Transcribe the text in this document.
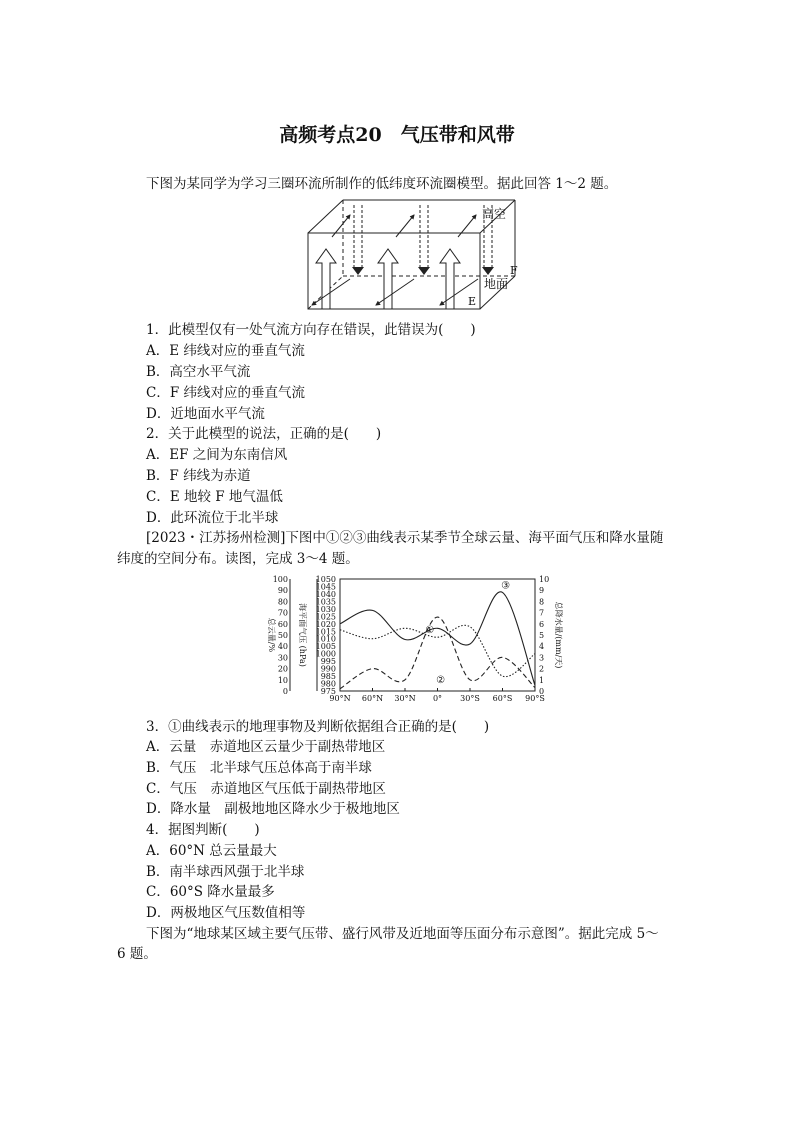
高频考点20　气压带和风带
下图为某同学为学习三圈环流所制作的低纬度环流圈模型。据此回答 1～2 题。
高空
F
地面
E
1．此模型仅有一处气流方向存在错误，此错误为(　　)
A．E 纬线对应的垂直气流
B．高空水平气流
C．F 纬线对应的垂直气流
D．近地面水平气流
2．关于此模型的说法，正确的是(　　)
A．EF 之间为东南信风
B．F 纬线为赤道
C．E 地较 F 地气温低
D．此环流位于北半球
[2023・江苏扬州检测]下图中①②③曲线表示某季节全球云量、海平面气压和降水量随
纬度的空间分布。读图，完成 3～4 题。
100
90
80
70
60
50
40
30
20
10
0
1050
1045
1040
1035
1030
1025
1020
1015
1010
1005
1000
995
990
985
980
975
10
9
8
7
6
5
4
3
2
1
0
90°N 60°N 30°N 0° 30°S 60°S 90°S
总云量/%	海平面气压 (hPa)	总降水量/(mm/天)
①
②
③
3．①曲线表示的地理事物及判断依据组合正确的是(　　)
A．云量　赤道地区云量少于副热带地区
B．气压　北半球气压总体高于南半球
C．气压　赤道地区气压低于副热带地区
D．降水量　副极地地区降水少于极地地区
4．据图判断(　　)
A．60°N 总云量最大
B．南半球西风强于北半球
C．60°S 降水量最多
D．两极地区气压数值相等
下图为“地球某区域主要气压带、盛行风带及近地面等压面分布示意图”。据此完成 5～
6 题。
